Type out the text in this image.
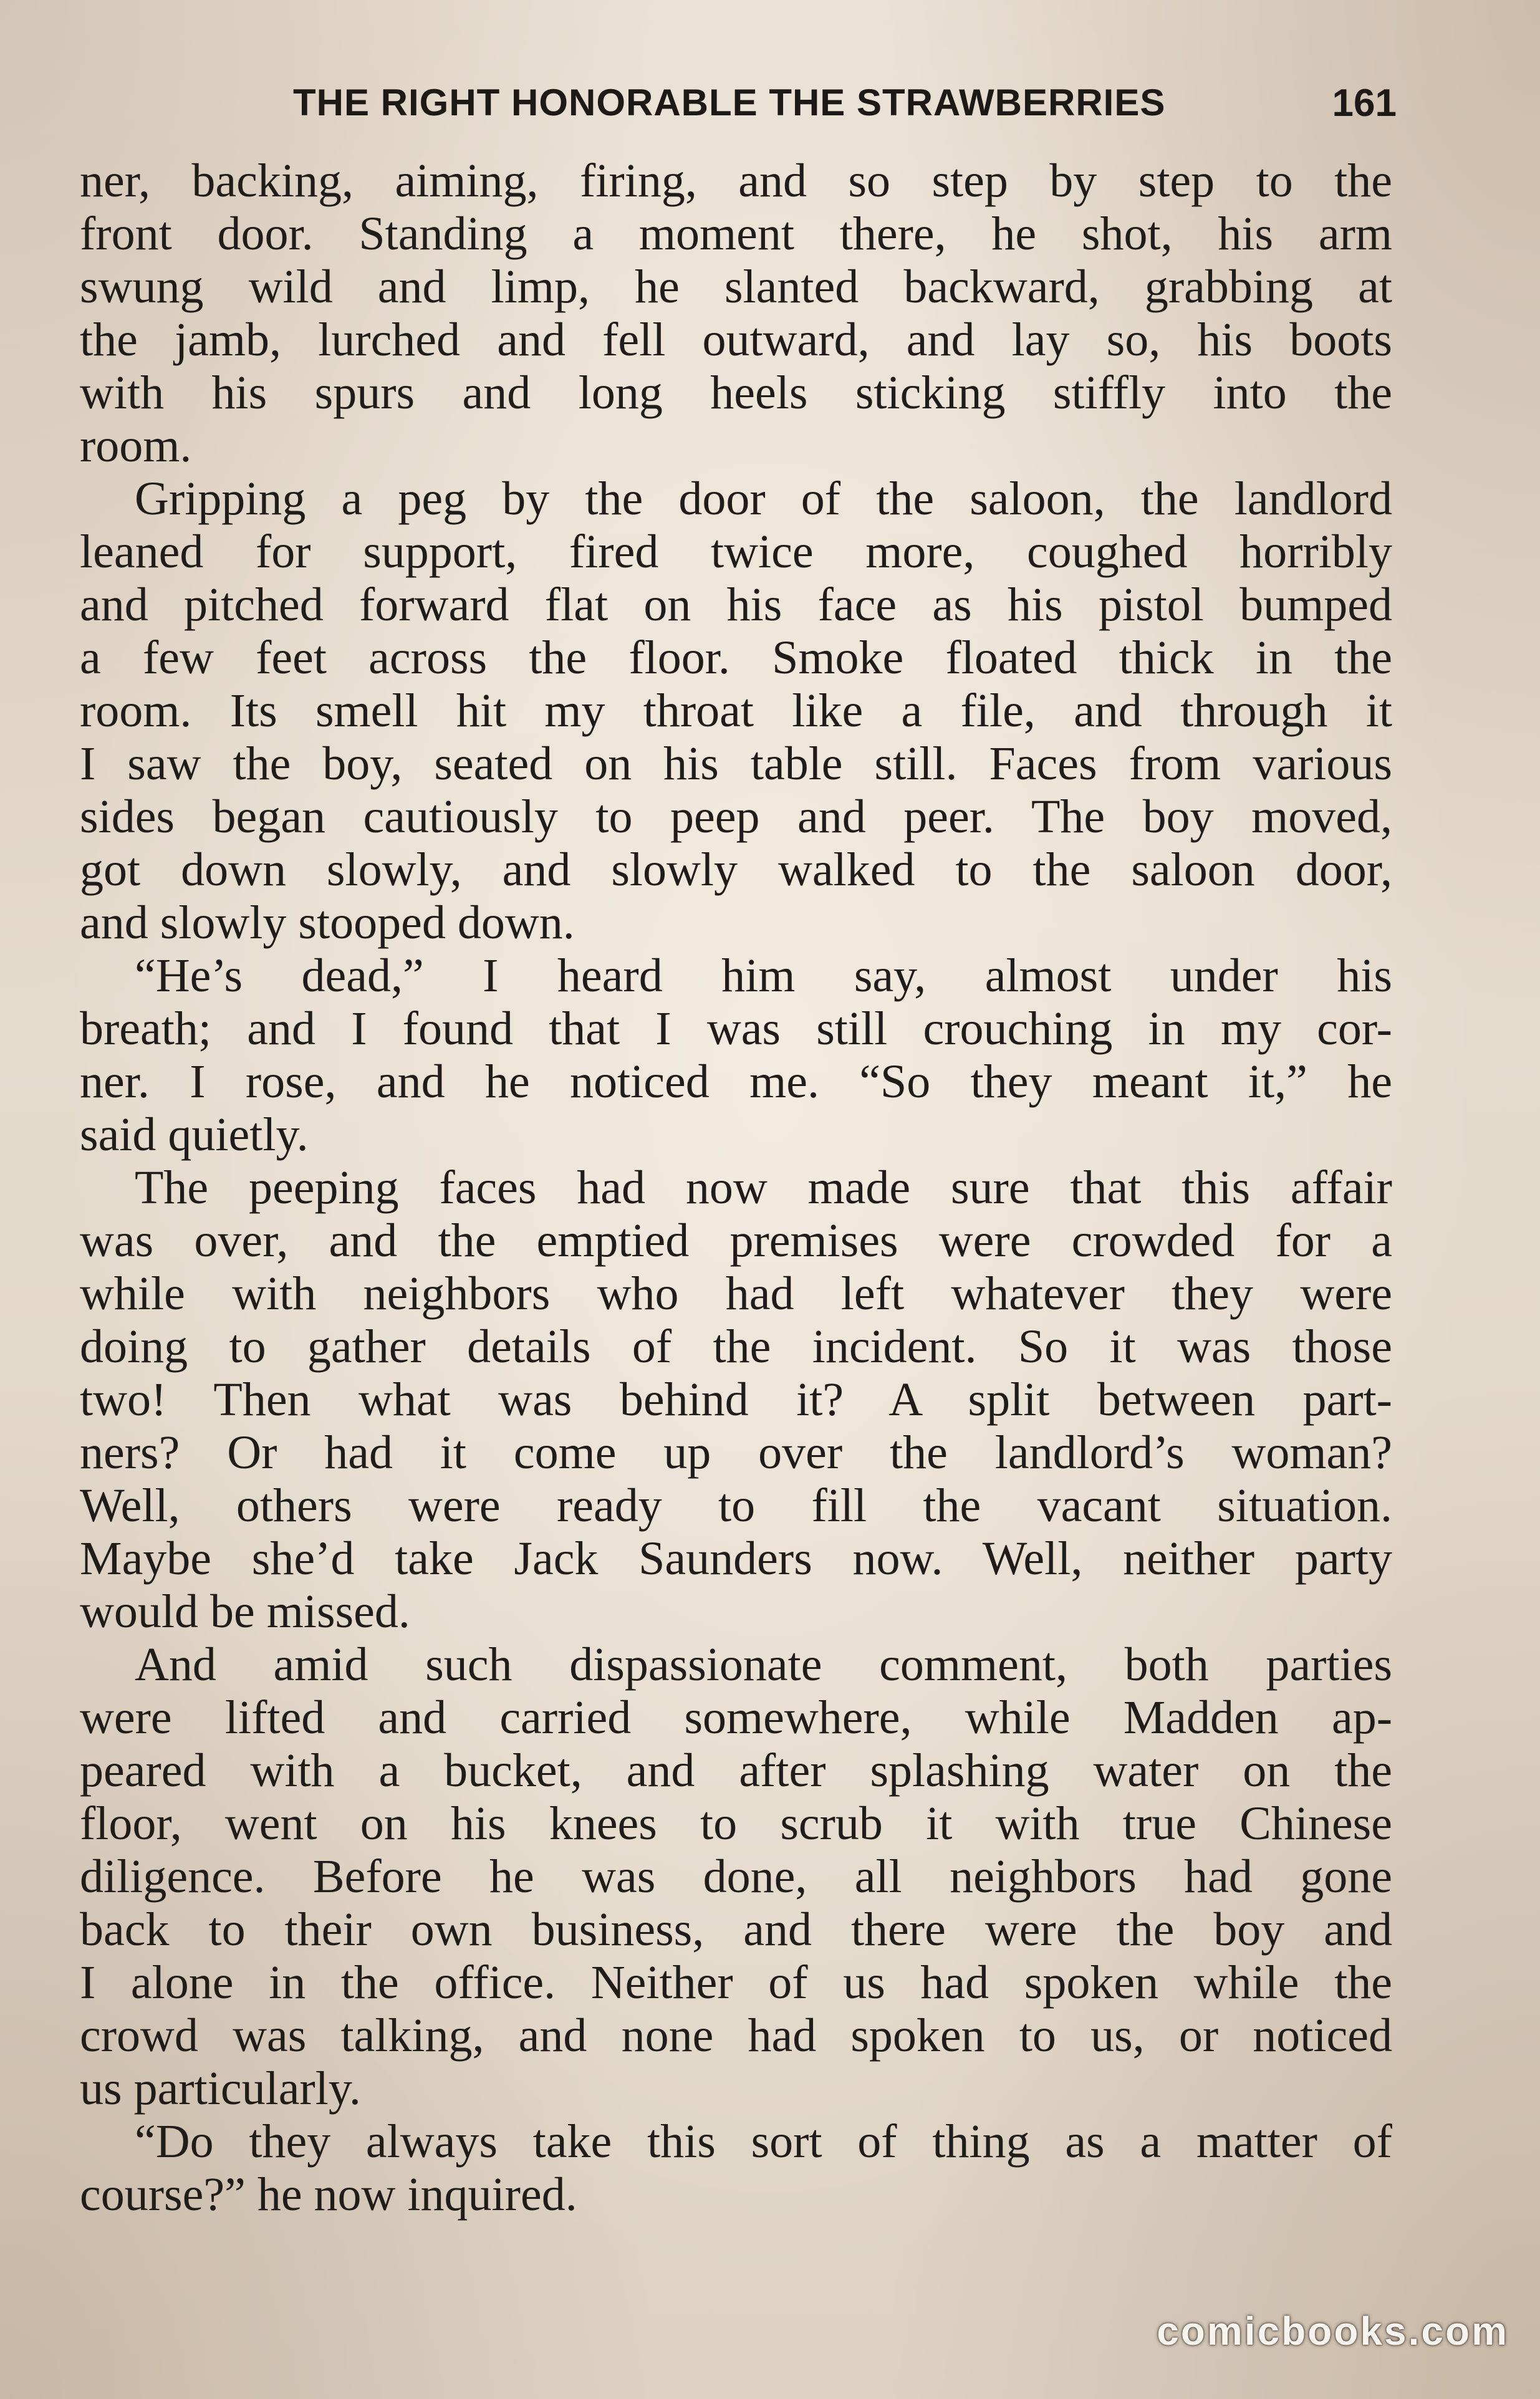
THE RIGHT HONORABLE THE STRAWBERRIES	161
ner, backing, aiming, firing, and so step by step to the
front door. Standing a moment there, he shot, his arm
swung wild and limp, he slanted backward, grabbing at
the jamb, lurched and fell outward, and lay so, his boots
with his spurs and long heels sticking stiffly into the
room.
Gripping a peg by the door of the saloon, the landlord
leaned for support, fired twice more, coughed horribly
and pitched forward flat on his face as his pistol bumped
a few feet across the floor. Smoke floated thick in the
room. Its smell hit my throat like a file, and through it
I saw the boy, seated on his table still. Faces from various
sides began cautiously to peep and peer. The boy moved,
got down slowly, and slowly walked to the saloon door,
and slowly stooped down.
“He’s dead,” I heard him say, almost under his
breath; and I found that I was still crouching in my cor-
ner. I rose, and he noticed me. “So they meant it,” he
said quietly.
The peeping faces had now made sure that this affair
was over, and the emptied premises were crowded for a
while with neighbors who had left whatever they were
doing to gather details of the incident. So it was those
two! Then what was behind it? A split between part-
ners? Or had it come up over the landlord’s woman?
Well, others were ready to fill the vacant situation.
Maybe she’d take Jack Saunders now. Well, neither party
would be missed.
And amid such dispassionate comment, both parties
were lifted and carried somewhere, while Madden ap-
peared with a bucket, and after splashing water on the
floor, went on his knees to scrub it with true Chinese
diligence. Before he was done, all neighbors had gone
back to their own business, and there were the boy and
I alone in the office. Neither of us had spoken while the
crowd was talking, and none had spoken to us, or noticed
us particularly.
“Do they always take this sort of thing as a matter of
course?” he now inquired.
comicbooks.com
